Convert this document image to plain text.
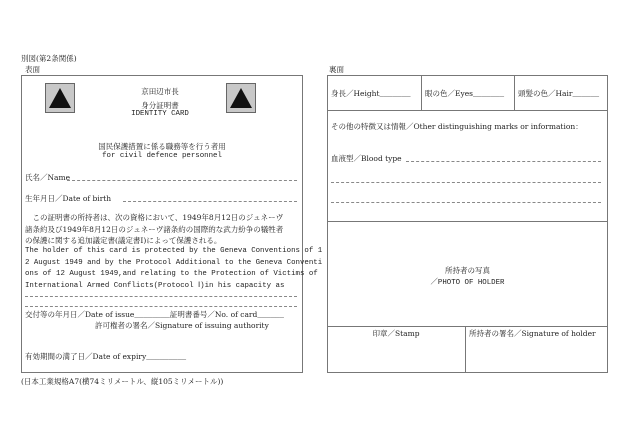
別図(第2条関係)
表面	裏面
京田辺市長
身分証明書
IDENTITY CARD
国民保護措置に係る職務等を行う者用
for civil defence personnel
氏名／Name
生年月日／Date of birth
　この証明書の所持者は、次の資格において、1949年8月12日のジュネーヴ
諸条約及び1949年8月12日のジュネーヴ諸条約の国際的な武力紛争の犠牲者
の保護に関する追加議定書(議定書Ⅰ)によって保護される。
The holder of this card is protected by the Geneva Conventions of 1
2 August 1949 and by the Protocol Additional to the Geneva Conventi
ons of 12 August 1949,and relating to the Protection of Victims of
International Armed Conflicts(Protocol Ⅰ)in his capacity as
交付等の年月日／Date of issue________証明書番号／No. of card______
許可権者の署名／Signature of issuing authority
有効期間の満了日／Date of expiry_________
(日本工業規格A7(横74ミリメートル、縦105ミリメートル))
身長／Height_______ 眼の色／Eyes_______ 頭髪の色／Hair______
その他の特徴又は情報／Other distinguishing marks or information：
血液型／Blood type
所持者の写真
／PHOTO OF HOLDER
印章／Stamp	所持者の署名／Signature of holder
